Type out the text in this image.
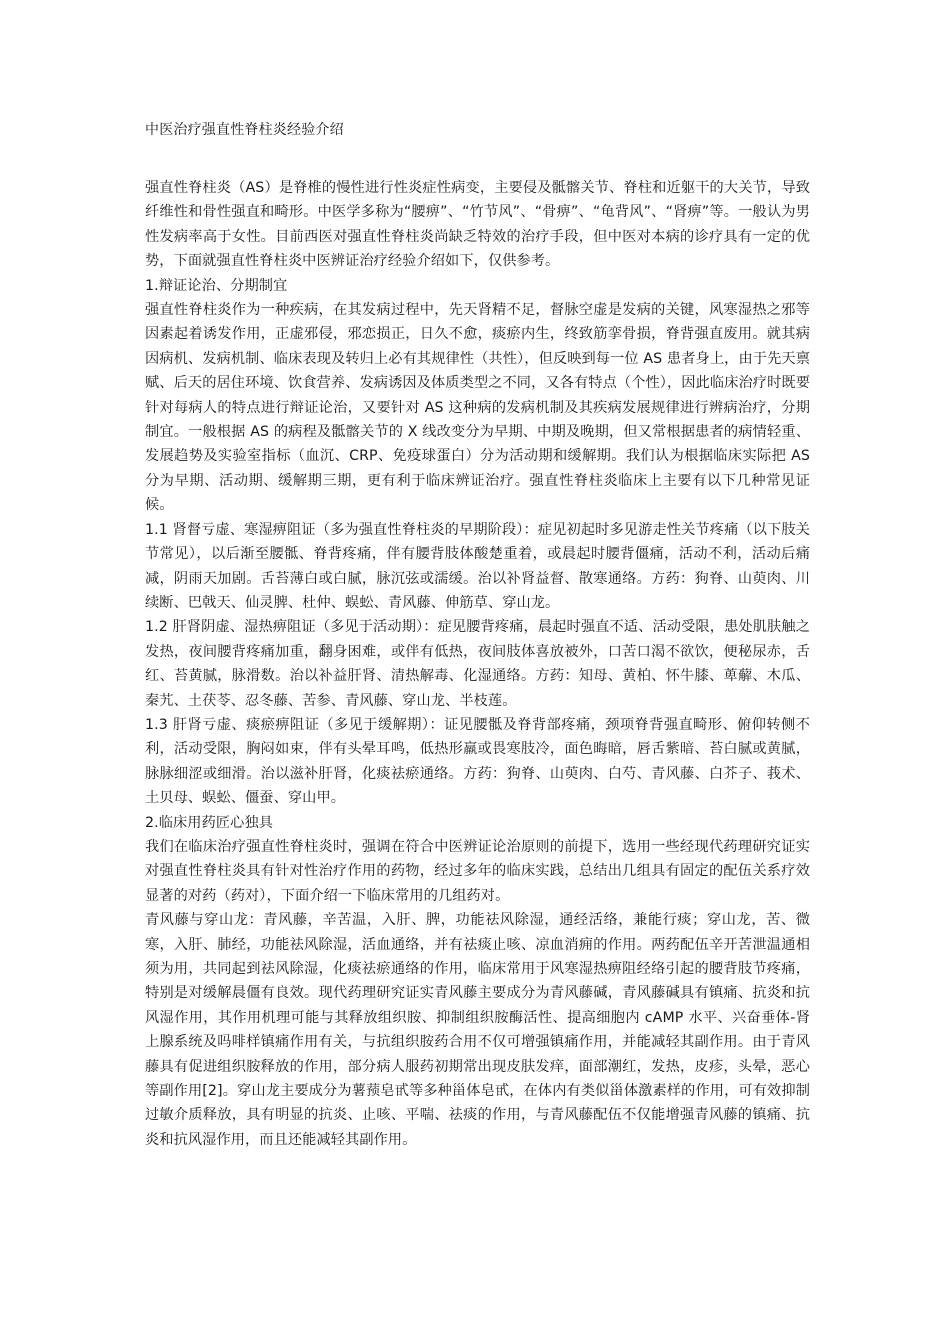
中医治疗强直性脊柱炎经验介绍

强直性脊柱炎（AS）是脊椎的慢性进行性炎症性病变，主要侵及骶髂关节、脊柱和近躯干的大关节，导致纤维性和骨性强直和畸形。中医学多称为“腰痹”、“竹节风”、“骨痹”、“龟背风”、“肾痹”等。一般认为男性发病率高于女性。目前西医对强直性脊柱炎尚缺乏特效的治疗手段，但中医对本病的诊疗具有一定的优势，下面就强直性脊柱炎中医辨证治疗经验介绍如下，仅供参考。

1.辩证论治、分期制宜

强直性脊柱炎作为一种疾病，在其发病过程中，先天肾精不足，督脉空虚是发病的关键，风寒湿热之邪等因素起着诱发作用，正虚邪侵，邪恋损正，日久不愈，痰瘀内生，终致筋挛骨损，脊背强直废用。就其病因病机、发病机制、临床表现及转归上必有其规律性（共性），但反映到每一位 AS 患者身上，由于先天禀赋、后天的居住环境、饮食营养、发病诱因及体质类型之不同，又各有特点（个性），因此临床治疗时既要针对每病人的特点进行辩证论治，又要针对 AS 这种病的发病机制及其疾病发展规律进行辨病治疗，分期制宜。一般根据 AS 的病程及骶髂关节的 X 线改变分为早期、中期及晚期，但又常根据患者的病情轻重、发展趋势及实验室指标（血沉、CRP、免疫球蛋白）分为活动期和缓解期。我们认为根据临床实际把 AS 分为早期、活动期、缓解期三期，更有利于临床辨证治疗。强直性脊柱炎临床上主要有以下几种常见证候。

1.1 肾督亏虚、寒湿痹阻证（多为强直性脊柱炎的早期阶段）：症见初起时多见游走性关节疼痛（以下肢关节常见），以后渐至腰骶、脊背疼痛，伴有腰背肢体酸楚重着，或晨起时腰背僵痛，活动不利，活动后痛减，阴雨天加剧。舌苔薄白或白腻，脉沉弦或濡缓。治以补肾益督、散寒通络。方药：狗脊、山萸肉、川续断、巴戟天、仙灵脾、杜仲、蜈蚣、青风藤、伸筋草、穿山龙。

1.2 肝肾阴虚、湿热痹阻证（多见于活动期）：症见腰背疼痛，晨起时强直不适、活动受限，患处肌肤触之发热，夜间腰背疼痛加重，翻身困难，或伴有低热，夜间肢体喜放被外，口苦口渴不欲饮，便秘尿赤，舌红、苔黄腻，脉滑数。治以补益肝肾、清热解毒、化湿通络。方药：知母、黄柏、怀牛膝、萆薢、木瓜、秦艽、土茯苓、忍冬藤、苦参、青风藤、穿山龙、半枝莲。

1.3 肝肾亏虚、痰瘀痹阻证（多见于缓解期）：证见腰骶及脊背部疼痛，颈项脊背强直畸形、俯仰转侧不利，活动受限，胸闷如束，伴有头晕耳鸣，低热形羸或畏寒肢冷，面色晦暗，唇舌紫暗、苔白腻或黄腻，脉脉细涩或细滑。治以滋补肝肾，化痰祛瘀通络。方药：狗脊、山萸肉、白芍、青风藤、白芥子、莪术、土贝母、蜈蚣、僵蚕、穿山甲。

2.临床用药匠心独具

我们在临床治疗强直性脊柱炎时，强调在符合中医辨证论治原则的前提下，选用一些经现代药理研究证实对强直性脊柱炎具有针对性治疗作用的药物，经过多年的临床实践，总结出几组具有固定的配伍关系疗效显著的对药（药对），下面介绍一下临床常用的几组药对。

青风藤与穿山龙：青风藤，辛苦温，入肝、脾，功能祛风除湿，通经活络，兼能行痰；穿山龙，苦、微寒，入肝、肺经，功能祛风除湿，活血通络，并有祛痰止咳、凉血消痈的作用。两药配伍辛开苦泄温通相须为用，共同起到祛风除湿，化痰祛瘀通络的作用，临床常用于风寒湿热痹阻经络引起的腰背肢节疼痛，特别是对缓解晨僵有良效。现代药理研究证实青风藤主要成分为青风藤碱，青风藤碱具有镇痛、抗炎和抗风湿作用，其作用机理可能与其释放组织胺、抑制组织胺酶活性、提高细胞内 cAMP 水平、兴奋垂体-肾上腺系统及吗啡样镇痛作用有关，与抗组织胺药合用不仅可增强镇痛作用，并能减轻其副作用。由于青风藤具有促进组织胺释放的作用，部分病人服药初期常出现皮肤发痒，面部潮红，发热，皮疹，头晕，恶心等副作用[2]。穿山龙主要成分为薯蓣皂甙等多种甾体皂甙，在体内有类似甾体激素样的作用，可有效抑制过敏介质释放，具有明显的抗炎、止咳、平喘、祛痰的作用，与青风藤配伍不仅能增强青风藤的镇痛、抗炎和抗风湿作用，而且还能减轻其副作用。
